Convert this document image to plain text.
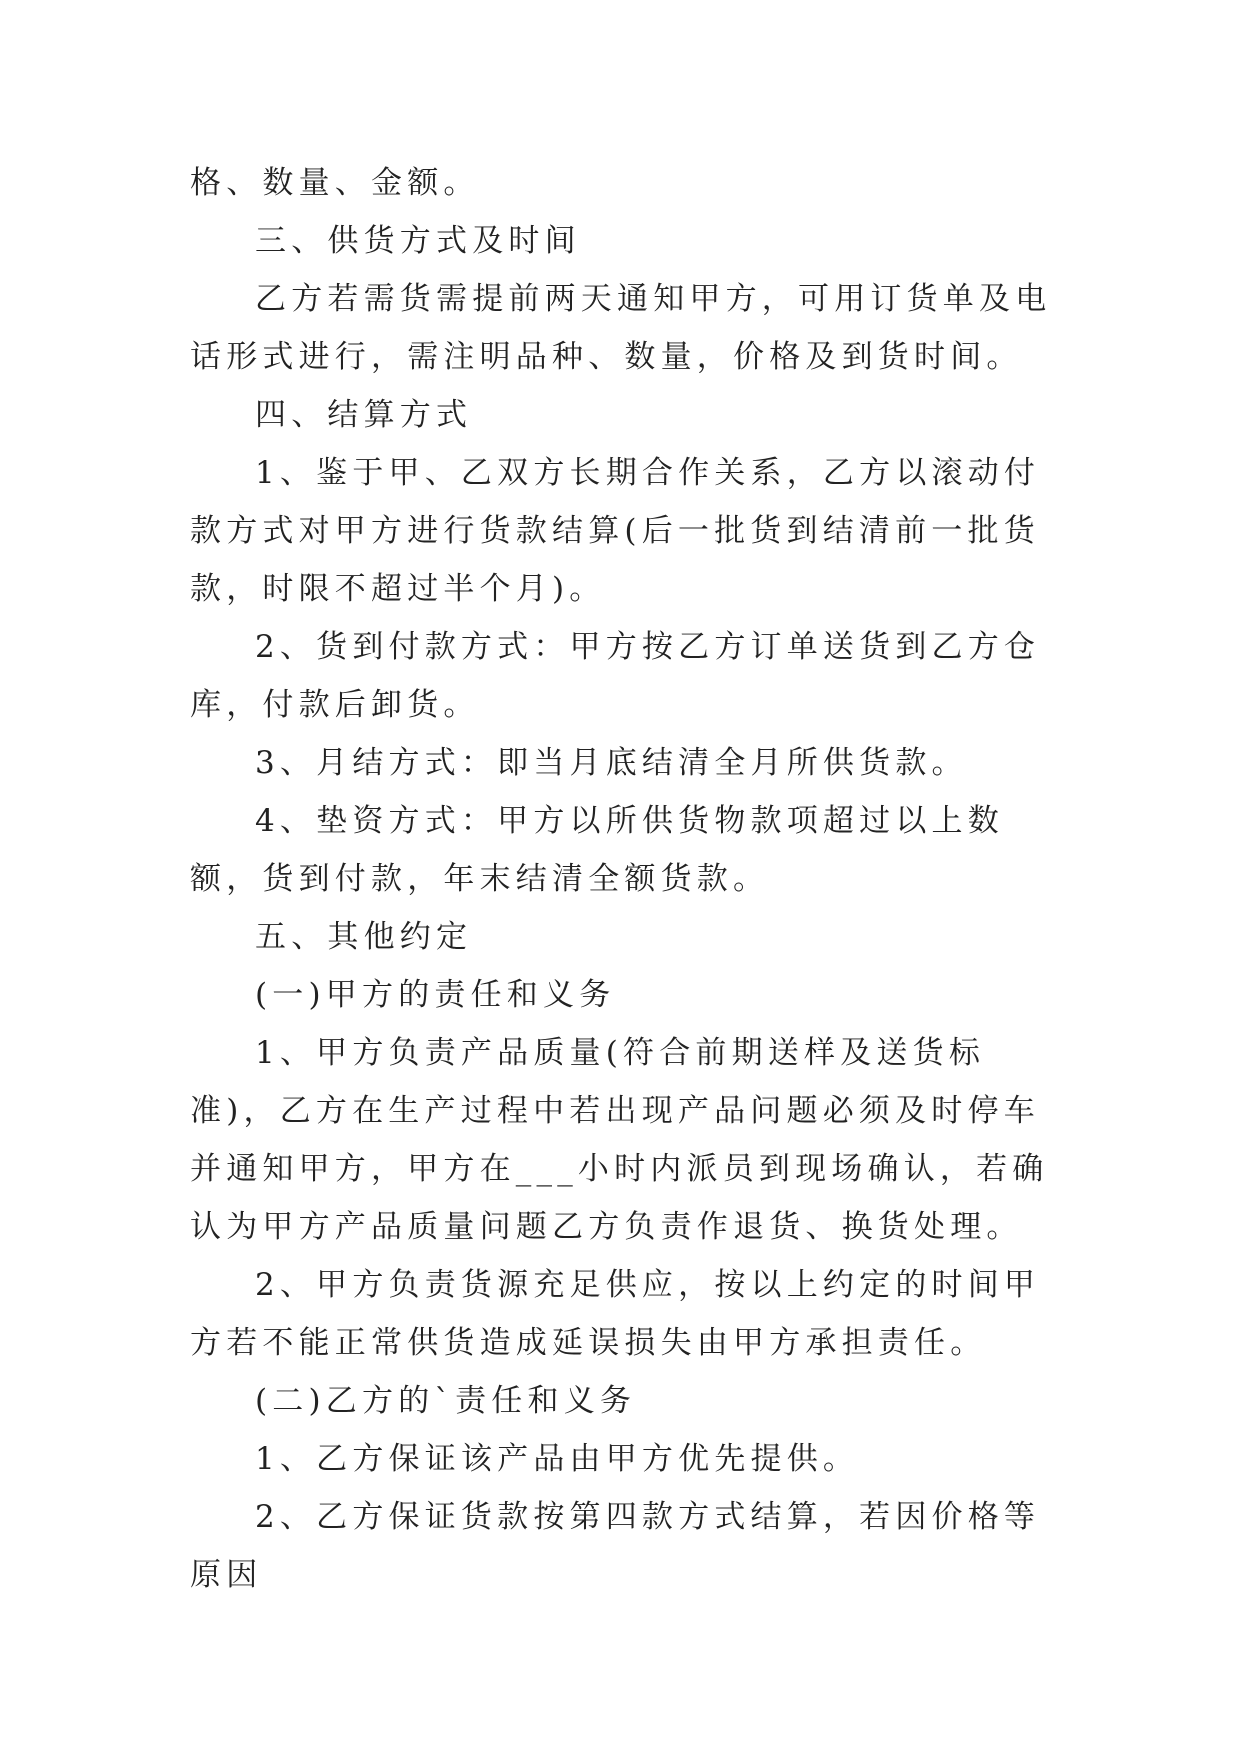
格、数量、金额。

三、供货方式及时间

乙方若需货需提前两天通知甲方，可用订货单及电话形式进行，需注明品种、数量，价格及到货时间。

四、结算方式

1、鉴于甲、乙双方长期合作关系，乙方以滚动付款方式对甲方进行货款结算(后一批货到结清前一批货款，时限不超过半个月)。

2、货到付款方式：甲方按乙方订单送货到乙方仓库，付款后卸货。

3、月结方式：即当月底结清全月所供货款。

4、垫资方式：甲方以所供货物款项超过以上数额，货到付款，年末结清全额货款。

五、其他约定

(一)甲方的责任和义务

1、甲方负责产品质量(符合前期送样及送货标准)，乙方在生产过程中若出现产品问题必须及时停车并通知甲方，甲方在___小时内派员到现场确认，若确认为甲方产品质量问题乙方负责作退货、换货处理。

2、甲方负责货源充足供应，按以上约定的时间甲方若不能正常供货造成延误损失由甲方承担责任。

(二)乙方的`责任和义务

1、乙方保证该产品由甲方优先提供。

2、乙方保证货款按第四款方式结算，若因价格等原因
